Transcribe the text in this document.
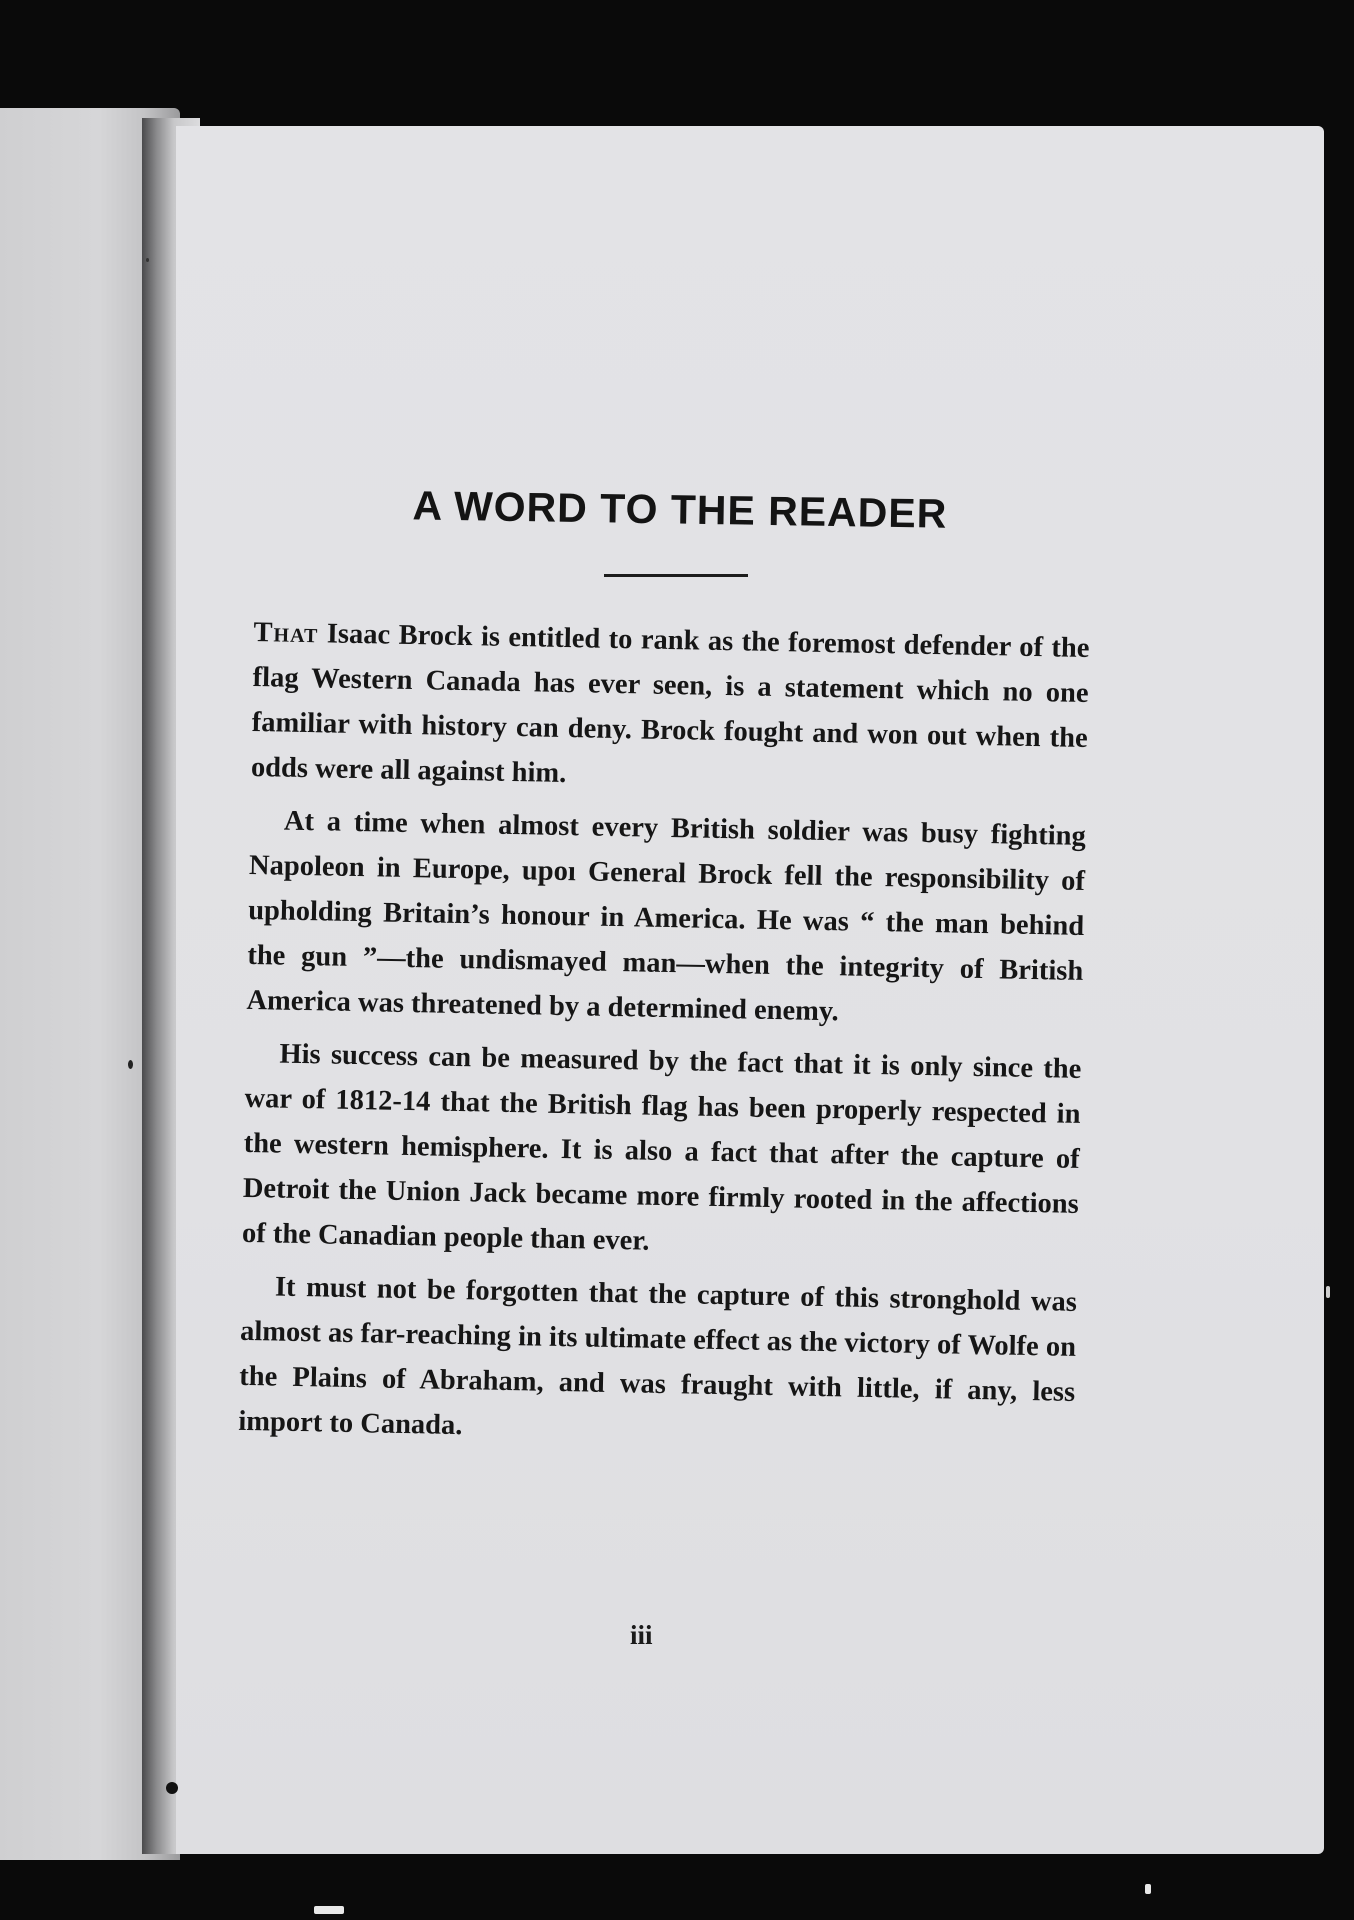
A WORD TO THE READER

That Isaac Brock is entitled to rank as the foremost defender of the flag Western Canada has ever seen, is a statement which no one familiar with history can deny. Brock fought and won out when the odds were all against him.

At a time when almost every British soldier was busy fighting Napoleon in Europe, upoı General Brock fell the responsibility of upholding Britain’s honour in America. He was “ the man behind the gun ”—the undismayed man—when the integrity of British America was threatened by a determined enemy.

His success can be measured by the fact that it is only since the war of 1812-14 that the British flag has been properly respected in the western hemisphere. It is also a fact that after the capture of Detroit the Union Jack became more firmly rooted in the affections of the Canadian people than ever.

It must not be forgotten that the capture of this stronghold was almost as far-reaching in its ultimate effect as the victory of Wolfe on the Plains of Abraham, and was fraught with little, if any, less import to Canada.

iii
